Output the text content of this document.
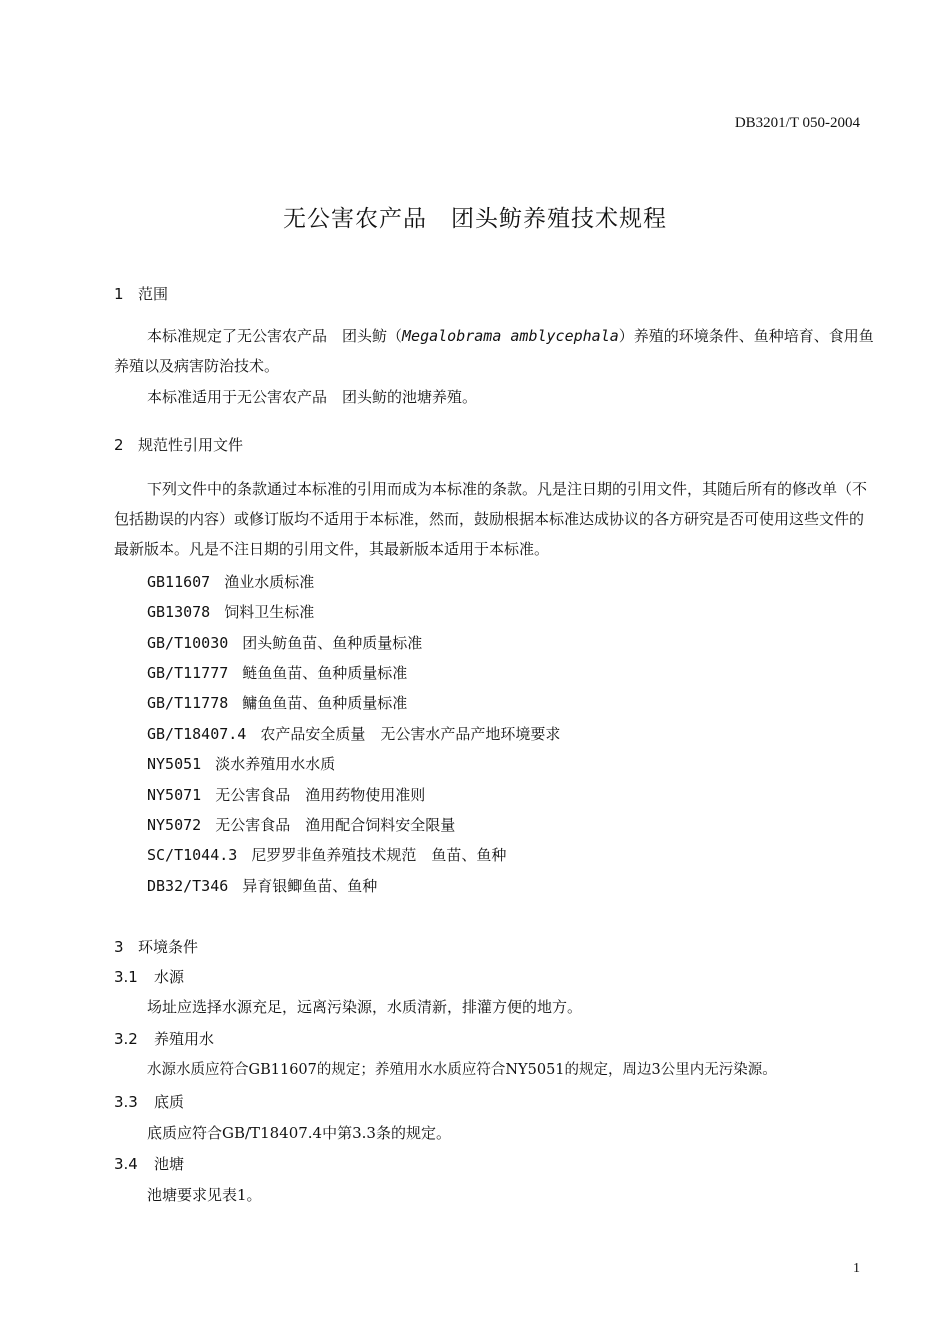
DB3201/T 050-2004
无公害农产品　团头鲂养殖技术规程
1 范围
本标准规定了无公害农产品　团头鲂（Megalobrama amblycephala）养殖的环境条件、鱼种培育、食用鱼养殖以及病害防治技术。
本标准适用于无公害农产品　团头鲂的池塘养殖。
2 规范性引用文件
下列文件中的条款通过本标准的引用而成为本标准的条款。凡是注日期的引用文件，其随后所有的修改单（不包括勘误的内容）或修订版均不适用于本标准，然而，鼓励根据本标准达成协议的各方研究是否可使用这些文件的最新版本。凡是不注日期的引用文件，其最新版本适用于本标准。
GB11607 渔业水质标准
GB13078 饲料卫生标准
GB/T10030 团头鲂鱼苗、鱼种质量标准
GB/T11777 鲢鱼鱼苗、鱼种质量标准
GB/T11778 鳙鱼鱼苗、鱼种质量标准
GB/T18407.4 农产品安全质量　无公害水产品产地环境要求
NY5051 淡水养殖用水水质
NY5071 无公害食品　渔用药物使用准则
NY5072 无公害食品　渔用配合饲料安全限量
SC/T1044.3 尼罗罗非鱼养殖技术规范　鱼苗、鱼种
DB32/T346 异育银鲫鱼苗、鱼种
3 环境条件
3.1 水源
场址应选择水源充足，远离污染源，水质清新，排灌方便的地方。
3.2 养殖用水
水源水质应符合GB11607的规定；养殖用水水质应符合NY5051的规定，周边3公里内无污染源。
3.3 底质
底质应符合GB/T18407.4中第3.3条的规定。
3.4 池塘
池塘要求见表1。
1
